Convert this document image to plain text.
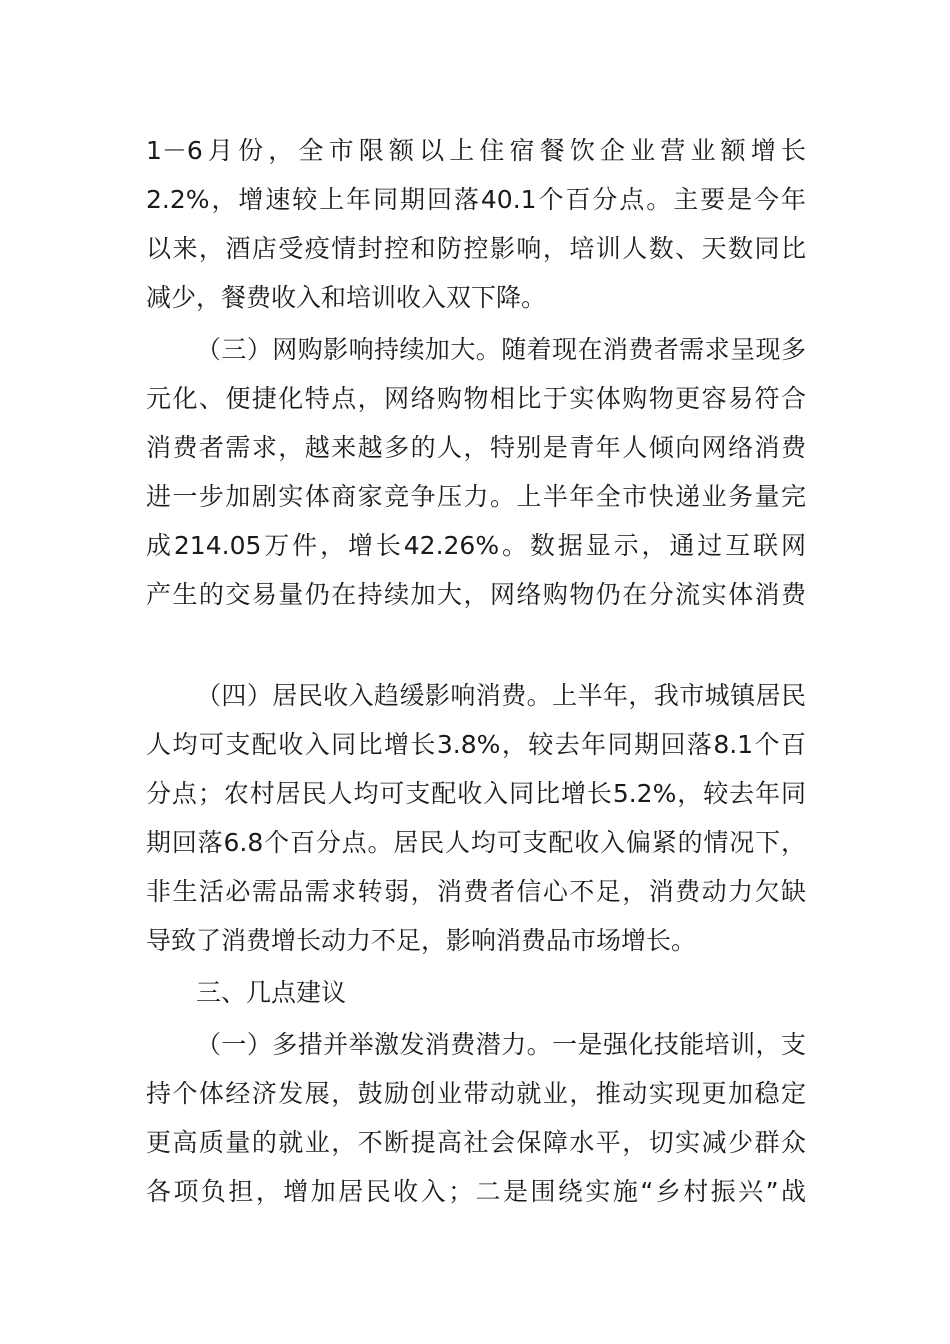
1－6月份，全市限额以上住宿餐饮企业营业额增长
2.2%，增速较上年同期回落40.1个百分点。主要是今年
以来，酒店受疫情封控和防控影响，培训人数、天数同比
减少，餐费收入和培训收入双下降。
（三）网购影响持续加大。随着现在消费者需求呈现多
元化、便捷化特点，网络购物相比于实体购物更容易符合
消费者需求，越来越多的人，特别是青年人倾向网络消费
进一步加剧实体商家竞争压力。上半年全市快递业务量完
成214.05万件，增长42.26%。数据显示，通过互联网
产生的交易量仍在持续加大，网络购物仍在分流实体消费
（四）居民收入趋缓影响消费。上半年，我市城镇居民
人均可支配收入同比增长3.8%，较去年同期回落8.1个百
分点；农村居民人均可支配收入同比增长5.2%，较去年同
期回落6.8个百分点。居民人均可支配收入偏紧的情况下，
非生活必需品需求转弱，消费者信心不足，消费动力欠缺
导致了消费增长动力不足，影响消费品市场增长。
三、几点建议
（一）多措并举激发消费潜力。一是强化技能培训，支
持个体经济发展，鼓励创业带动就业，推动实现更加稳定
更高质量的就业，不断提高社会保障水平，切实减少群众
各项负担，增加居民收入；二是围绕实施“乡村振兴”战
